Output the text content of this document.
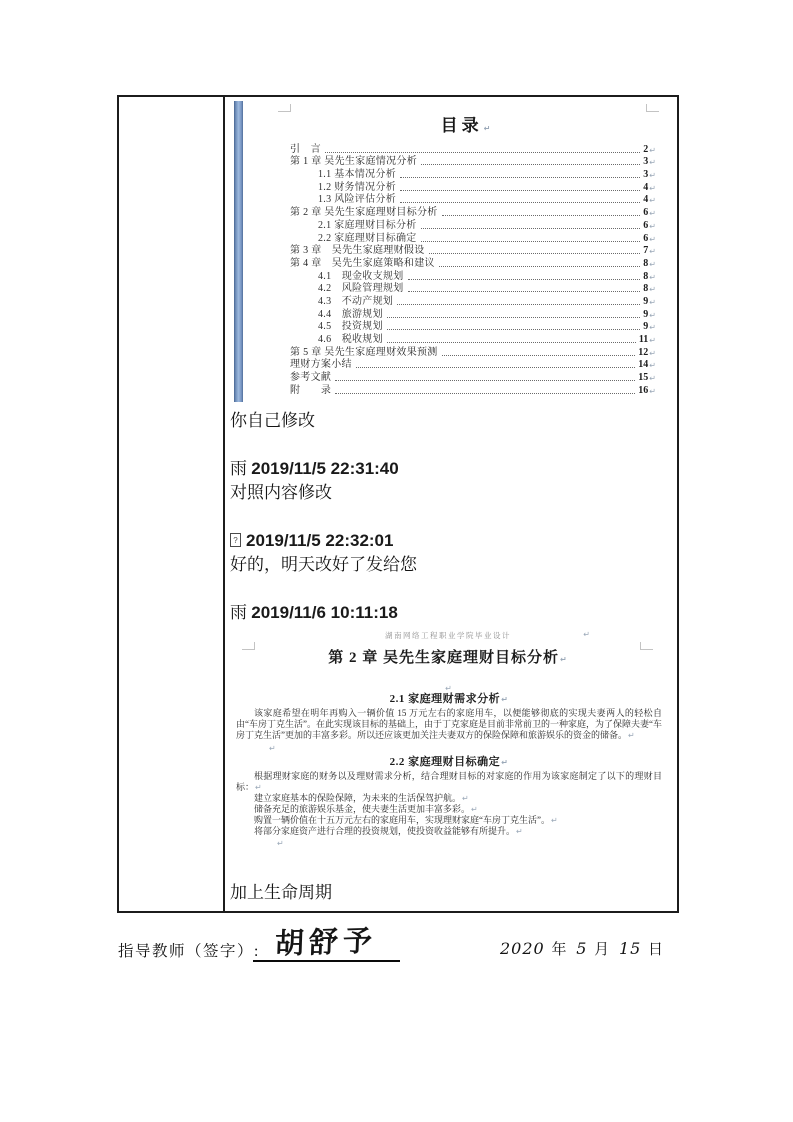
目录↵
引　言	2 ↵
第 1 章 吴先生家庭情况分析	3 ↵
1.1 基本情况分析	3 ↵
1.2 财务情况分析	4 ↵
1.3 风险评估分析	4 ↵
第 2 章 吴先生家庭理财目标分析	6 ↵
2.1 家庭理财目标分析	6 ↵
2.2 家庭理财目标确定	6 ↵
第 3 章　吴先生家庭理财假设	7 ↵
第 4 章　吴先生家庭策略和建议	8 ↵
4.1　现金收支规划	8 ↵
4.2　风险管理规划	8 ↵
4.3　不动产规划	9 ↵
4.4　旅游规划	9 ↵
4.5　投资规划	9 ↵
4.6　税收规划	11 ↵
第 5 章 吴先生家庭理财效果预测	12 ↵
理财方案小结	14 ↵
参考文献	15 ↵
附　　录	16 ↵
你自己修改
雨 2019/11/5 22:31:40
对照内容修改
?2019/11/5 22:32:01
好的，明天改好了发给您
雨 2019/11/6 10:11:18
湖南网络工程职业学院毕业设计	↵
第 2 章 吴先生家庭理财目标分析↵
↵
2.1 家庭理财需求分析↵
该家庭希望在明年再购入一辆价值 15 万元左右的家庭用车，以便能够彻底的实现夫妻两人的轻松自由“车房丁克生活”。在此实现该目标的基础上，由于丁克家庭是目前非常前卫的一种家庭，为了保障夫妻“车房丁克生活”更加的丰富多彩。所以还应该更加关注夫妻双方的保险保障和旅游娱乐的资金的储备。↵
↵
2.2 家庭理财目标确定↵
根据理财家庭的财务以及理财需求分析，结合理财目标的对家庭的作用为该家庭制定了以下的理财目标：↵
建立家庭基本的保险保障，为未来的生活保驾护航。↵
储备充足的旅游娱乐基金，使夫妻生活更加丰富多彩。↵
购置一辆价值在十五万元左右的家庭用车，实现理财家庭“车房丁克生活”。↵
将部分家庭资产进行合理的投资规划，使投资收益能够有所提升。↵
↵
加上生命周期
指导教师（签字）: 胡舒予	2020 年 5 月 15 日
